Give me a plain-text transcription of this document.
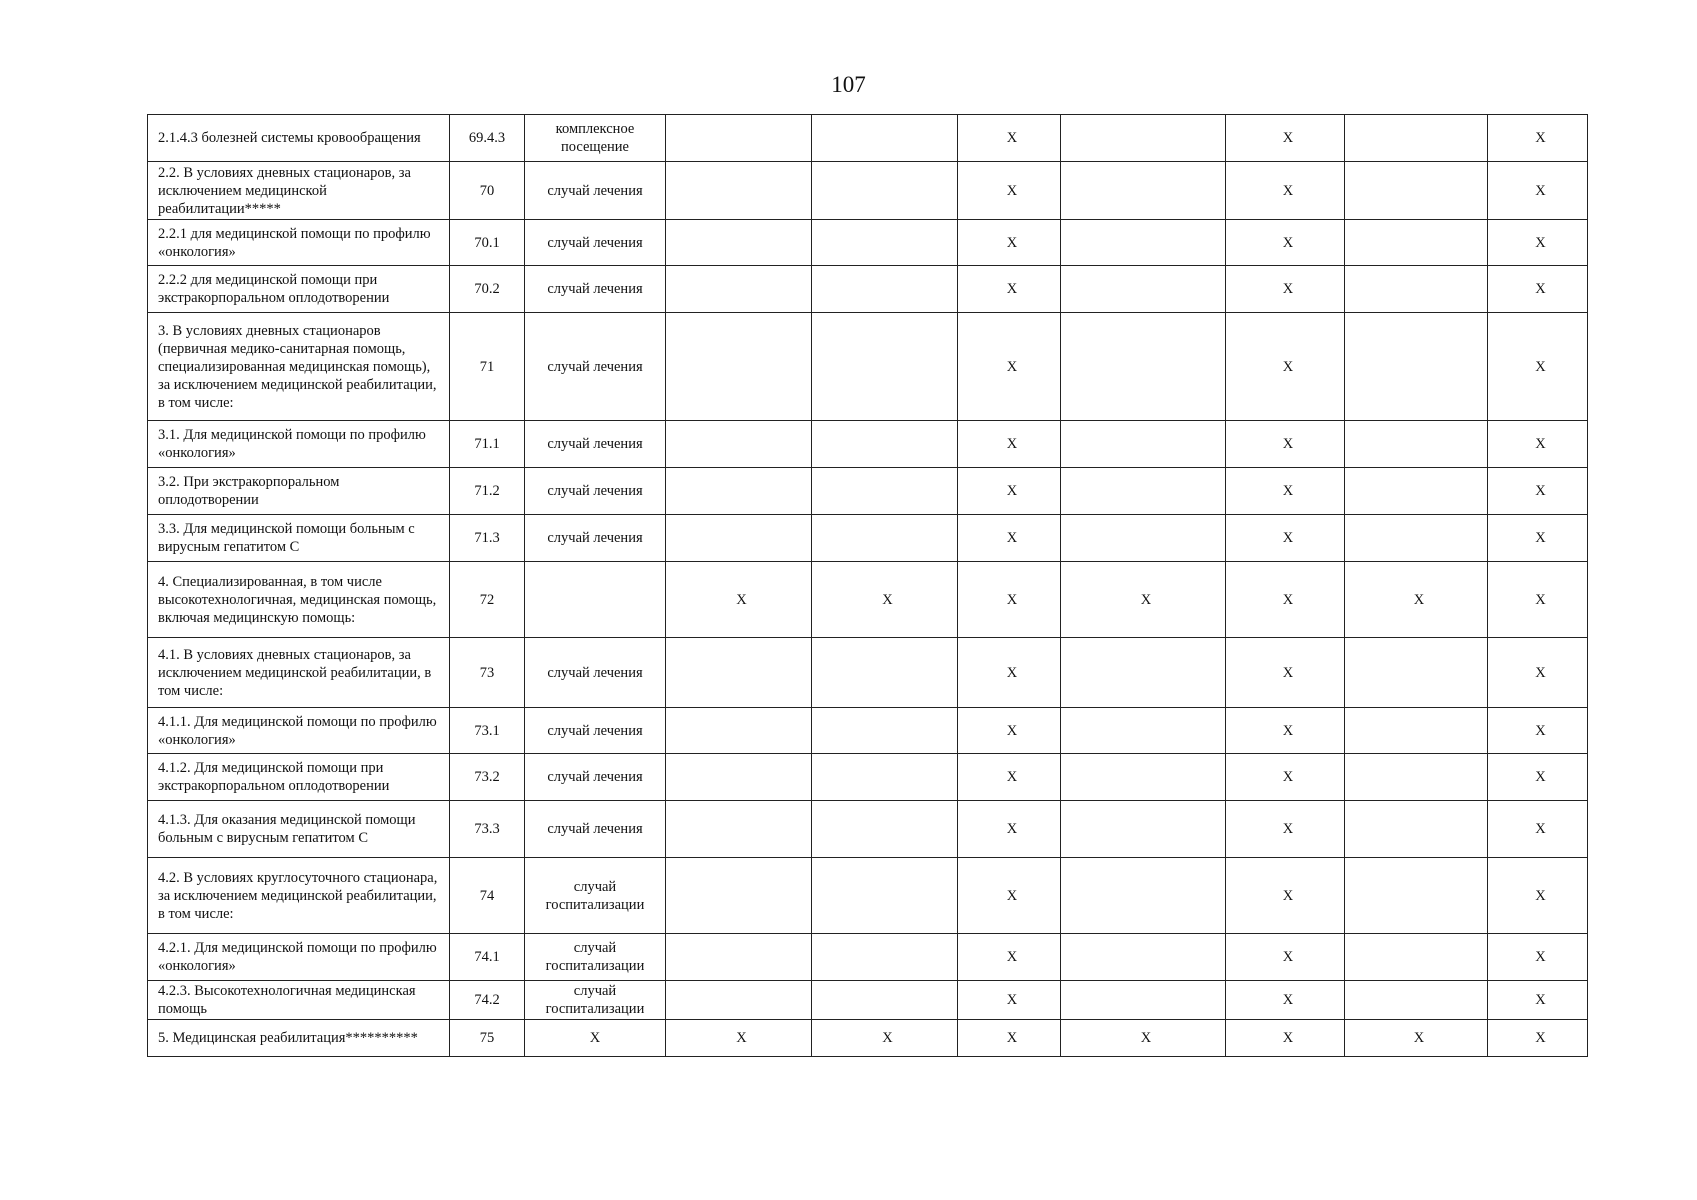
107
2.1.4.3 болезней системы кровообращения	69.4.3	комплексное посещение			X		X		X
2.2. В условиях дневных стационаров, за исключением медицинской реабилитации*****	70	случай лечения			X		X		X
2.2.1 для медицинской помощи по профилю «онкология»	70.1	случай лечения			X		X		X
2.2.2 для медицинской помощи при экстракорпоральном оплодотворении	70.2	случай лечения			X		X		X
3. В условиях дневных стационаров (первичная медико-санитарная помощь, специализированная медицинская помощь), за исключением медицинской реабилитации, в том числе:	71	случай лечения			X		X		X
3.1. Для медицинской помощи по профилю «онкология»	71.1	случай лечения			X		X		X
3.2. При экстракорпоральном оплодотворении	71.2	случай лечения			X		X		X
3.3. Для медицинской помощи больным с вирусным гепатитом С	71.3	случай лечения			X		X		X
4. Специализированная, в том числе высокотехнологичная, медицинская помощь, включая медицинскую помощь:	72		X	X	X	X	X	X	X
4.1. В условиях дневных стационаров, за исключением медицинской реабилитации, в том числе:	73	случай лечения			X		X		X
4.1.1. Для медицинской помощи по профилю «онкология»	73.1	случай лечения			X		X		X
4.1.2. Для медицинской помощи при экстракорпоральном оплодотворении	73.2	случай лечения			X		X		X
4.1.3. Для оказания медицинской помощи больным с вирусным гепатитом С	73.3	случай лечения			X		X		X
4.2. В условиях круглосуточного стационара, за исключением медицинской реабилитации, в том числе:	74	случай госпитализации			X		X		X
4.2.1. Для медицинской помощи по профилю «онкология»	74.1	случай госпитализации			X		X		X
4.2.3. Высокотехнологичная медицинская помощь	74.2	случай госпитализации			X		X		X
5. Медицинская реабилитация**********	75	X	X	X	X	X	X	X	X
